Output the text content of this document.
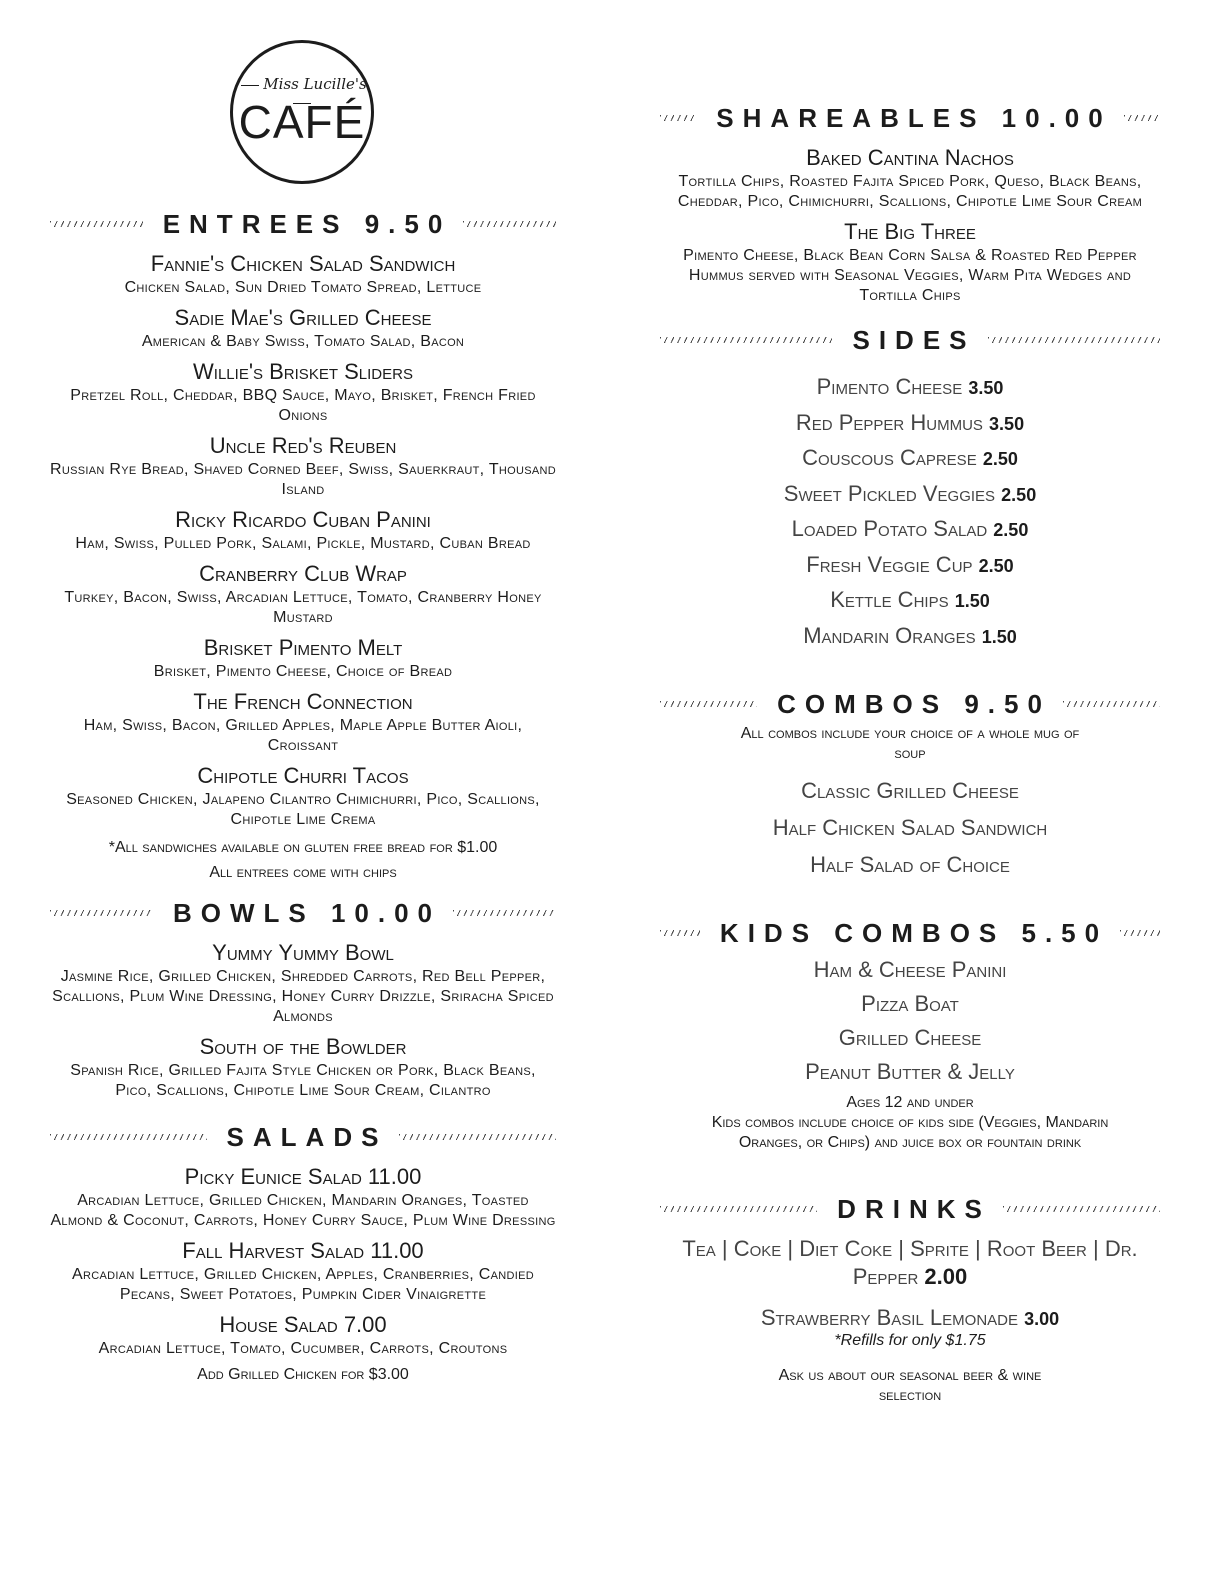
Miss Lucille's
CAFÉ
ENTREES 9.50
Fannie's Chicken Salad Sandwich
Chicken Salad, Sun Dried Tomato Spread, Lettuce
Sadie Mae's Grilled Cheese
American & Baby Swiss, Tomato Salad, Bacon
Willie's Brisket Sliders
Pretzel Roll, Cheddar, BBQ Sauce, Mayo, Brisket, French Fried Onions
Uncle Red's Reuben
Russian Rye Bread, Shaved Corned Beef, Swiss, Sauerkraut, Thousand Island
Ricky Ricardo Cuban Panini
Ham, Swiss, Pulled Pork, Salami, Pickle, Mustard, Cuban Bread
Cranberry Club Wrap
Turkey, Bacon, Swiss, Arcadian Lettuce, Tomato, Cranberry Honey Mustard
Brisket Pimento Melt
Brisket, Pimento Cheese, Choice of Bread
The French Connection
Ham, Swiss, Bacon, Grilled Apples, Maple Apple Butter Aioli, Croissant
Chipotle Churri Tacos
Seasoned Chicken, Jalapeno Cilantro Chimichurri, Pico, Scallions, Chipotle Lime Crema
*All sandwiches available on gluten free bread for $1.00
All entrees come with chips
BOWLS 10.00
Yummy Yummy Bowl
Jasmine Rice, Grilled Chicken, Shredded Carrots, Red Bell Pepper, Scallions, Plum Wine Dressing, Honey Curry Drizzle, Sriracha Spiced Almonds
South of the Bowlder
Spanish Rice, Grilled Fajita Style Chicken or Pork, Black Beans, Pico, Scallions, Chipotle Lime Sour Cream, Cilantro
SALADS
Picky Eunice Salad 11.00
Arcadian Lettuce, Grilled Chicken, Mandarin Oranges, Toasted Almond & Coconut, Carrots, Honey Curry Sauce, Plum Wine Dressing
Fall Harvest Salad 11.00
Arcadian Lettuce, Grilled Chicken, Apples, Cranberries, Candied Pecans, Sweet Potatoes, Pumpkin Cider Vinaigrette
House Salad 7.00
Arcadian Lettuce, Tomato, Cucumber, Carrots, Croutons
Add Grilled Chicken for $3.00
SHAREABLES 10.00
Baked Cantina Nachos
Tortilla Chips, Roasted Fajita Spiced Pork, Queso, Black Beans, Cheddar, Pico, Chimichurri, Scallions, Chipotle Lime Sour Cream
The Big Three
Pimento Cheese, Black Bean Corn Salsa & Roasted Red Pepper Hummus served with Seasonal Veggies, Warm Pita Wedges and Tortilla Chips
SIDES
Pimento Cheese 3.50
Red Pepper Hummus 3.50
Couscous Caprese 2.50
Sweet Pickled Veggies 2.50
Loaded Potato Salad 2.50
Fresh Veggie Cup 2.50
Kettle Chips 1.50
Mandarin Oranges 1.50
COMBOS 9.50
All combos include your choice of a whole mug of soup
Classic Grilled Cheese
Half Chicken Salad Sandwich
Half Salad of Choice
KIDS COMBOS 5.50
Ham & Cheese Panini
Pizza Boat
Grilled Cheese
Peanut Butter & Jelly
Ages 12 and under
Kids combos include choice of kids side (Veggies, Mandarin Oranges, or Chips) and juice box or fountain drink
DRINKS
Tea | Coke | Diet Coke | Sprite | Root Beer | Dr. Pepper 2.00
Strawberry Basil Lemonade 3.00
*Refills for only $1.75
Ask us about our seasonal beer & wine selection
